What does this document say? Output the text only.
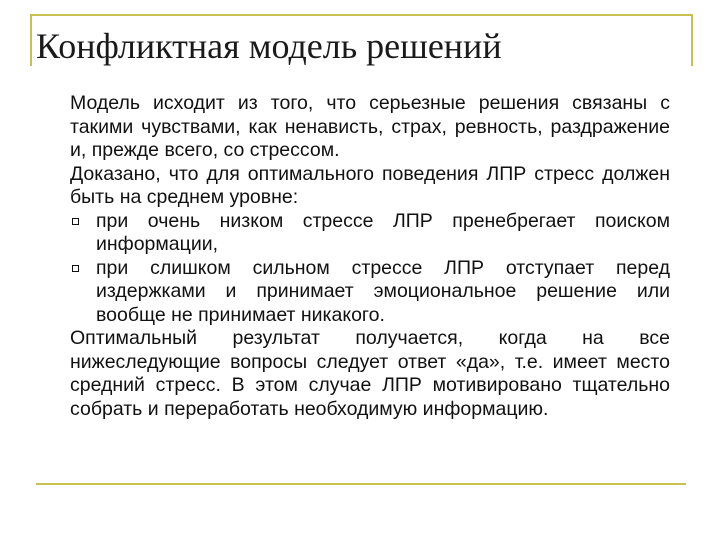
Конфликтная модель решений

Модель исходит из того, что серьезные решения связаны с такими чувствами, как ненависть, страх, ревность, раздражение и, прежде всего, со стрессом.

Доказано, что для оптимального поведения ЛПР стресс должен быть на среднем уровне:

при очень низком стрессе ЛПР пренебрегает поиском информации,
при слишком сильном стрессе ЛПР отступает перед издержками и принимает эмоциональное решение или вообще не принимает никакого.

Оптимальный результат получается, когда на все нижеследующие вопросы следует ответ «да», т.е. имеет место средний стресс. В этом случае ЛПР мотивировано тщательно собрать и переработать необходимую информацию.
